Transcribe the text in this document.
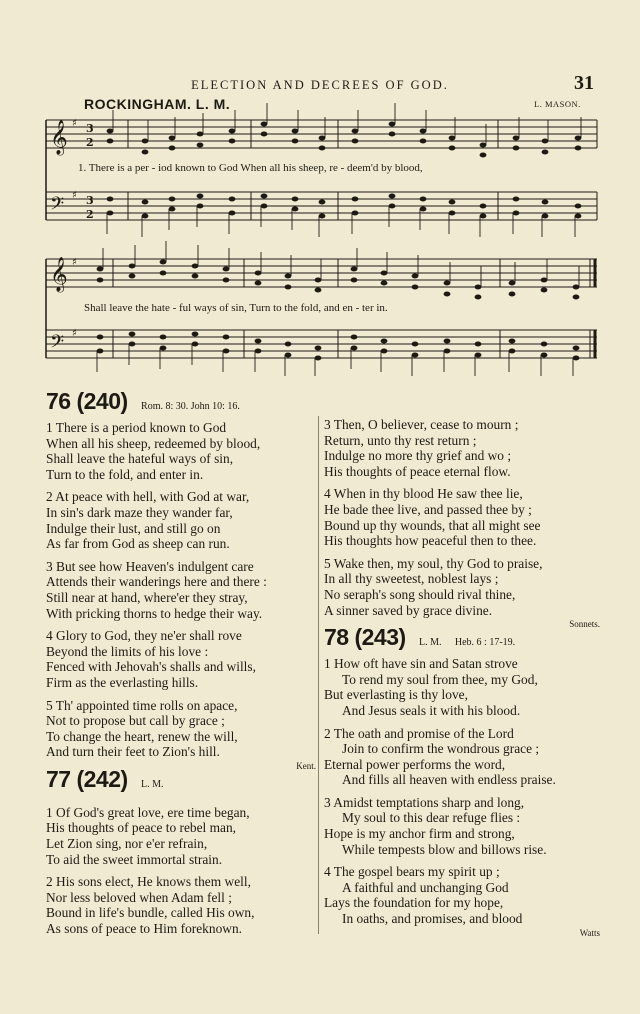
ELECTION AND DECREES OF GOD.	31
ROCKINGHAM. L. M.	L. MASON.
𝄞
𝄢
𝄞
𝄢
3
2
3
2
♯
♯
♯
♯
1. There is a per - iod known to God When all his sheep, re - deem'd by blood,
Shall leave the hate - ful ways of sin, Turn to the fold, and en - ter in.
76 (240) Rom. 8: 30. John 10: 16.
1 There is a period known to God
When all his sheep, redeemed by blood,
Shall leave the hateful ways of sin,
Turn to the fold, and enter in.
2 At peace with hell, with God at war,
In sin's dark maze they wander far,
Indulge their lust, and still go on
As far from God as sheep can run.
3 But see how Heaven's indulgent care
Attends their wanderings here and there :
Still near at hand, where'er they stray,
With pricking thorns to hedge their way.
4 Glory to God, they ne'er shall rove
Beyond the limits of his love :
Fenced with Jehovah's shalls and wills,
Firm as the everlasting hills.
5 Th' appointed time rolls on apace,
Not to propose but call by grace ;
To change the heart, renew the will,
And turn their feet to Zion's hill.
Kent.
77 (242) L. M.
1 Of God's great love, ere time began,
His thoughts of peace to rebel man,
Let Zion sing, nor e'er refrain,
To aid the sweet immortal strain.
2 His sons elect, He knows them well,
Nor less beloved when Adam fell ;
Bound in life's bundle, called His own,
As sons of peace to Him foreknown.
3 Then, O believer, cease to mourn ;
Return, unto thy rest return ;
Indulge no more thy grief and wo ;
His thoughts of peace eternal flow.
4 When in thy blood He saw thee lie,
He bade thee live, and passed thee by ;
Bound up thy wounds, that all might see
His thoughts how peaceful then to thee.
5 Wake then, my soul, thy God to praise,
In all thy sweetest, noblest lays ;
No seraph's song should rival thine,
A sinner saved by grace divine.
Sonnets.
78 (243) L. M. Heb. 6 : 17-19.
1 How oft have sin and Satan strove
To rend my soul from thee, my God,
But everlasting is thy love,
And Jesus seals it with his blood.
2 The oath and promise of the Lord
Join to confirm the wondrous grace ;
Eternal power performs the word,
And fills all heaven with endless praise.
3 Amidst temptations sharp and long,
My soul to this dear refuge flies :
Hope is my anchor firm and strong,
While tempests blow and billows rise.
4 The gospel bears my spirit up ;
A faithful and unchanging God
Lays the foundation for my hope,
In oaths, and promises, and blood
Watts
